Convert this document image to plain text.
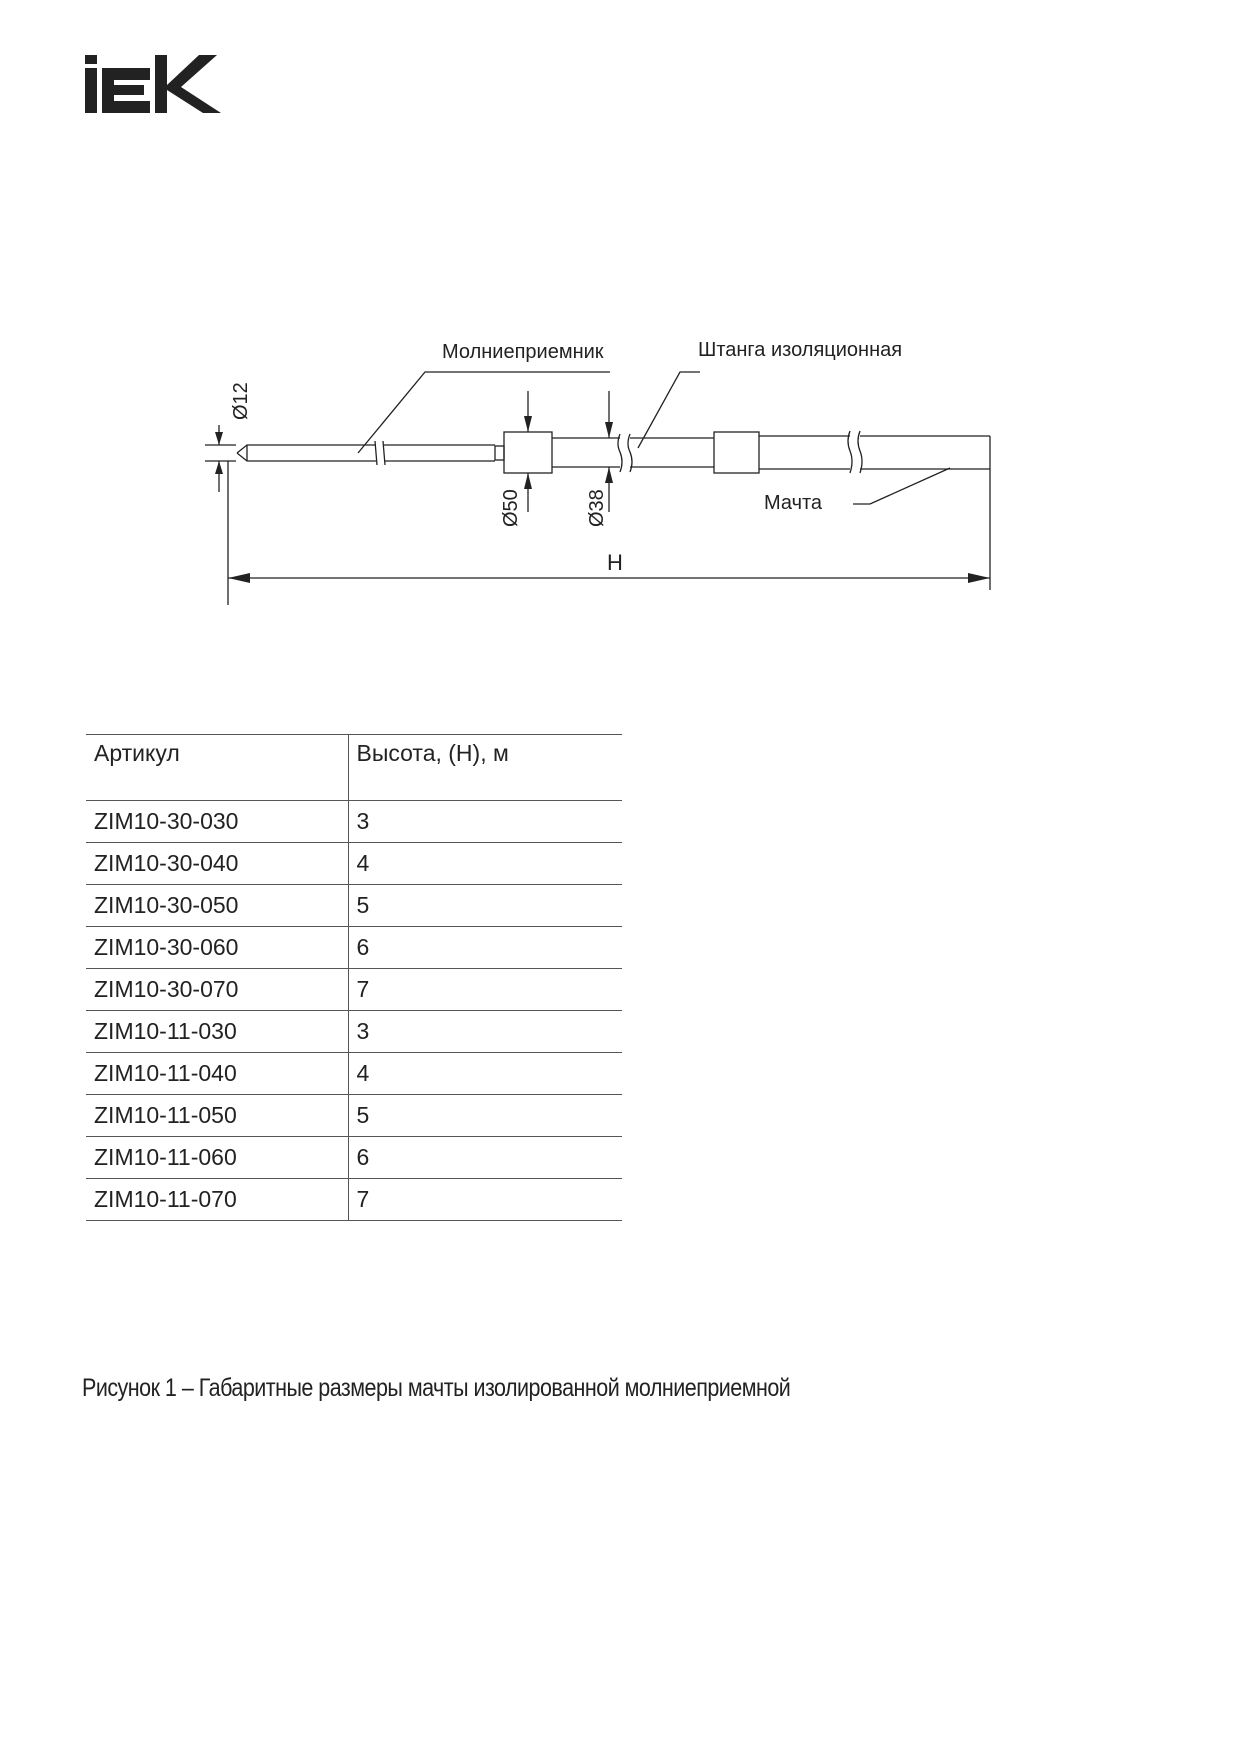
Молниеприемник	Штанга изоляционная
Мачта
H
Ø12
Ø50	Ø38
Артикул	Высота, (Н), м
ZIM10-30-030	3
ZIM10-30-040	4
ZIM10-30-050	5
ZIM10-30-060	6
ZIM10-30-070	7
ZIM10-11-030	3
ZIM10-11-040	4
ZIM10-11-050	5
ZIM10-11-060	6
ZIM10-11-070	7
Рисунок 1 – Габаритные размеры мачты изолированной молниеприемной
